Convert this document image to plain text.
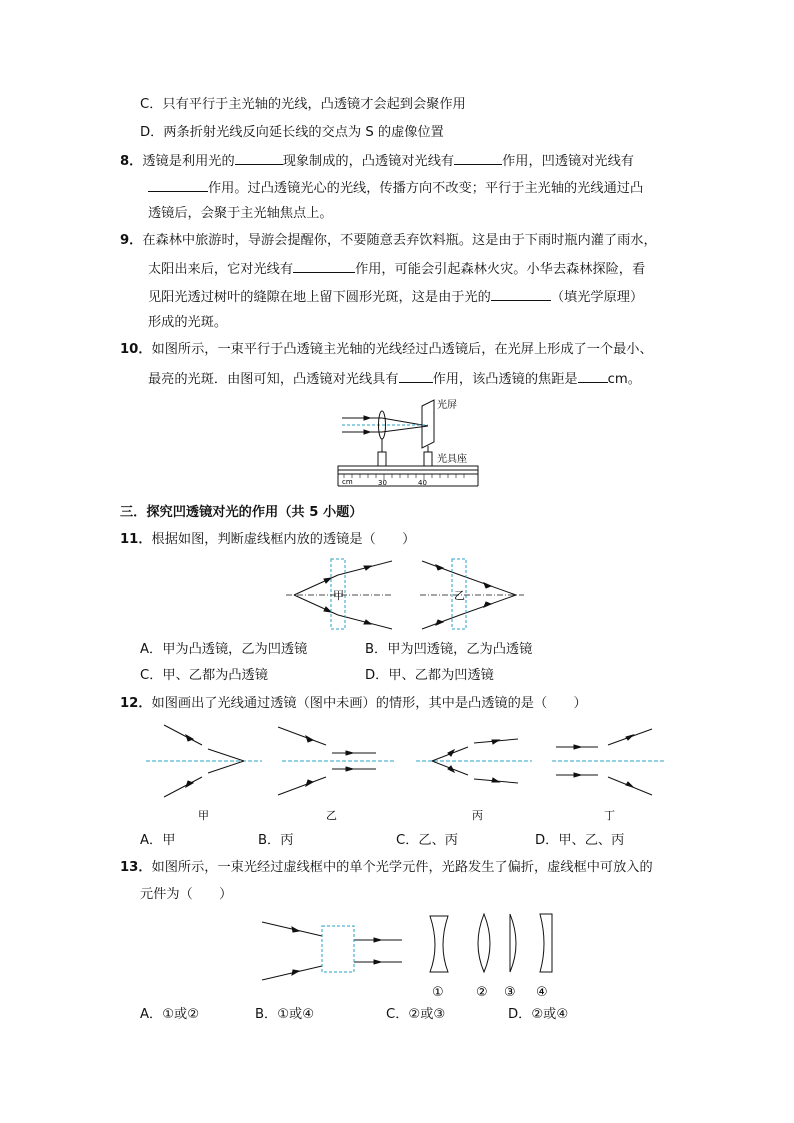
C．只有平行于主光轴的光线，凸透镜才会起到会聚作用
D．两条折射光线反向延长线的交点为 S 的虚像位置
8．透镜是利用光的	现象制成的，凸透镜对光线有	作用，凹透镜对光线有
作用。过凸透镜光心的光线，传播方向不改变；平行于主光轴的光线通过凸
透镜后，会聚于主光轴焦点上。
9．在森林中旅游时，导游会提醒你，不要随意丢弃饮料瓶。这是由于下雨时瓶内灌了雨水，
太阳出来后，它对光线有	作用，可能会引起森林火灾。小华去森林探险，看
见阳光透过树叶的缝隙在地上留下圆形光斑，这是由于光的	（填光学原理）
形成的光斑。
10．如图所示，一束平行于凸透镜主光轴的光线经过凸透镜后，在光屏上形成了一个最小、
最亮的光斑．由图可知，凸透镜对光线具有	作用，该凸透镜的焦距是 cm。
光屏
光具座
cm	30	40
三．探究凹透镜对光的作用（共 5 小题）
11．根据如图，判断虚线框内放的透镜是（　　）
甲	乙
A．甲为凸透镜，乙为凹透镜	B．甲为凹透镜，乙为凸透镜
C．甲、乙都为凸透镜	D．甲、乙都为凹透镜
12．如图画出了光线通过透镜（图中未画）的情形，其中是凸透镜的是（　　）
甲	乙	丙	丁
A．甲	B．丙	C．乙、丙	D．甲、乙、丙
13．如图所示，一束光经过虚线框中的单个光学元件，光路发生了偏折，虚线框中可放入的
元件为（　　）
① ② ③ ④
A．①或②	B．①或④	C．②或③	D．②或④
